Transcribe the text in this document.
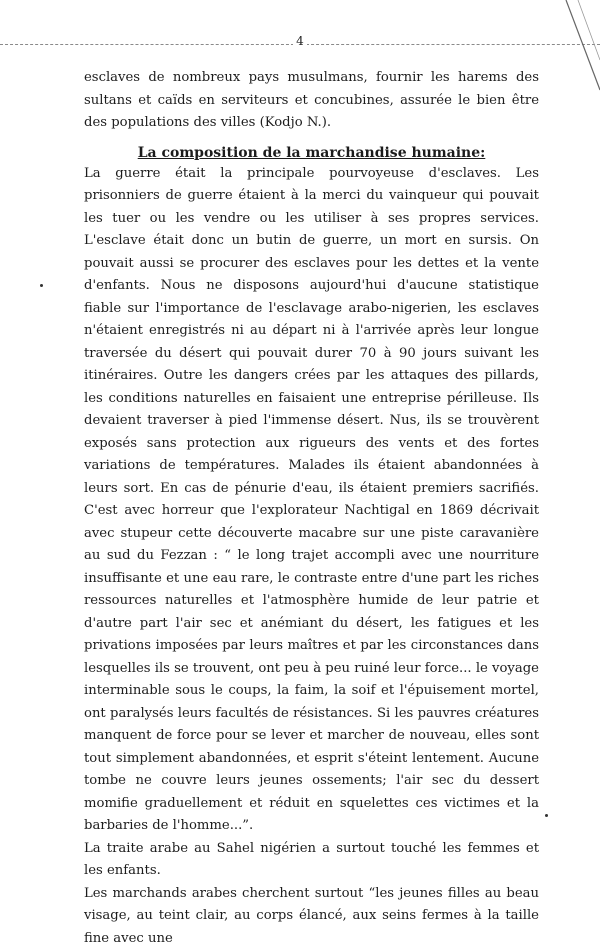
4

esclaves de nombreux pays musulmans, fournir les harems des sultans et caïds en serviteurs et concubines, assurée le bien être des populations des villes (Kodjo N.).

La composition de la marchandise humaine:

La guerre était la principale pourvoyeuse d'esclaves. Les prisonniers de guerre étaient à la merci du vainqueur qui pouvait les tuer ou les vendre ou les utiliser à ses propres services. L'esclave était donc un butin de guerre, un mort en sursis. On pouvait aussi se procurer des esclaves pour les dettes et la vente d'enfants. Nous ne disposons aujourd'hui d'aucune statistique fiable sur l'importance de l'esclavage arabo-nigerien, les esclaves n'étaient enregistrés ni au départ ni à l'arrivée après leur longue traversée du désert qui pouvait durer 70 à 90 jours suivant les itinéraires. Outre les dangers crées par les attaques des pillards, les conditions naturelles en faisaient une entreprise périlleuse. Ils devaient traverser à pied l'immense désert. Nus, ils se trouvèrent exposés sans protection aux rigueurs des vents et des fortes variations de températures. Malades ils étaient abandonnées à leurs sort. En cas de pénurie d'eau, ils étaient premiers sacrifiés. C'est avec horreur que l'explorateur Nachtigal en 1869 décrivait avec stupeur cette découverte macabre sur une piste caravanière au sud du Fezzan : “ le long trajet accompli avec une nourriture insuffisante et une eau rare, le contraste entre d'une part les riches ressources naturelles et l'atmosphère humide de leur patrie et d'autre part l'air sec et anémiant du désert, les fatigues et les privations imposées par leurs maîtres et par les circonstances dans lesquelles ils se trouvent, ont peu à peu ruiné leur force... le voyage interminable sous le coups, la faim, la soif et l'épuisement mortel, ont paralysés leurs facultés de résistances. Si les pauvres créatures manquent de force pour se lever et marcher de nouveau, elles sont tout simplement abandonnées, et esprit s'éteint lentement. Aucune tombe ne couvre leurs jeunes ossements; l'air sec du dessert momifie graduellement et réduit en squelettes ces victimes et la barbaries de l'homme...”.

La traite arabe au Sahel nigérien a surtout touché les femmes et les enfants.

Les marchands arabes cherchent surtout “les jeunes filles au beau visage, au teint clair, au corps élancé, aux seins fermes à la taille fine avec une
